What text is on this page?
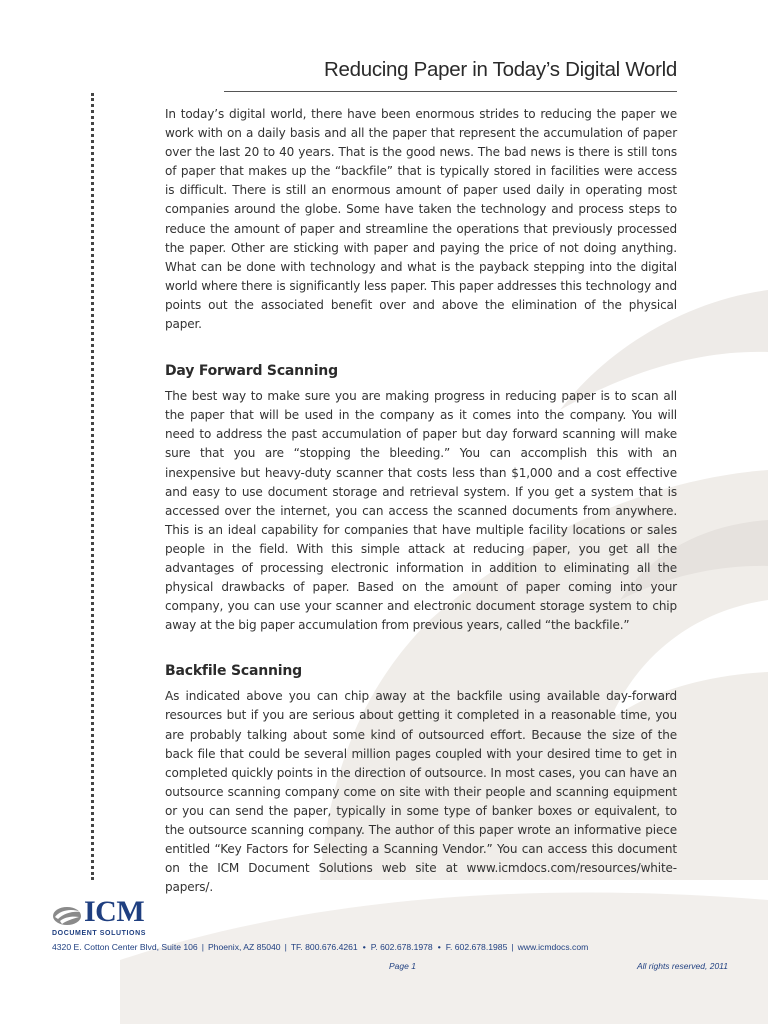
Reducing Paper in Today’s Digital World

In today’s digital world, there have been enormous strides to reducing the paper we work with on a daily basis and all the paper that represent the accumulation of paper over the last 20 to 40 years. That is the good news. The bad news is there is still tons of paper that makes up the “backfile” that is typically stored in facilities were access is difficult. There is still an enormous amount of paper used daily in operating most companies around the globe. Some have taken the technology and process steps to reduce the amount of paper and streamline the operations that previously processed the paper. Other are sticking with paper and paying the price of not doing anything. What can be done with technology and what is the payback stepping into the digital world where there is significantly less paper. This paper addresses this technology and points out the associated benefit over and above the elimination of the physical paper.

Day Forward Scanning

The best way to make sure you are making progress in reducing paper is to scan all the paper that will be used in the company as it comes into the company. You will need to address the past accumulation of paper but day forward scanning will make sure that you are “stopping the bleeding.” You can accomplish this with an inexpensive but heavy-duty scanner that costs less than $1,000 and a cost effective and easy to use document storage and retrieval system. If you get a system that is accessed over the internet, you can access the scanned documents from anywhere. This is an ideal capability for companies that have multiple facility locations or sales people in the field. With this simple attack at reducing paper, you get all the advantages of processing electronic information in addition to eliminating all the physical drawbacks of paper. Based on the amount of paper coming into your company, you can use your scanner and electronic document storage system to chip away at the big paper accumulation from previous years, called “the backfile.”

Backfile Scanning

As indicated above you can chip away at the backfile using available day-forward resources but if you are serious about getting it completed in a reasonable time, you are probably talking about some kind of outsourced effort. Because the size of the back file that could be several million pages coupled with your desired time to get in completed quickly points in the direction of outsource. In most cases, you can have an outsource scanning company come on site with their people and scanning equipment or you can send the paper, typically in some type of banker boxes or equivalent, to the outsource scanning company. The author of this paper wrote an informative piece entitled “Key Factors for Selecting a Scanning Vendor.” You can access this document on the ICM Document Solutions web site at www.icmdocs.com/resources/white-papers/.

ICM
DOCUMENT SOLUTIONS
4320 E. Cotton Center Blvd, Suite 106 | Phoenix, AZ 85040 | TF. 800.676.4261 • P. 602.678.1978 • F. 602.678.1985 | www.icmdocs.com
Page 1	All rights reserved, 2011
